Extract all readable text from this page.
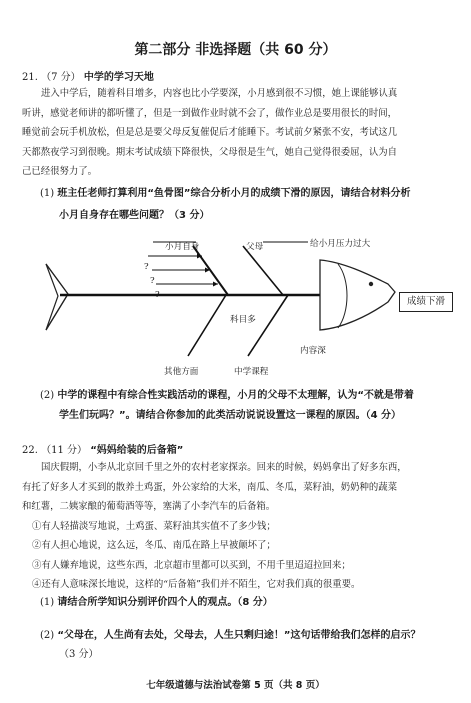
第二部分 非选择题（共 60 分）
21. （7 分） 中学的学习天地
进入中学后，随着科目增多，内容也比小学要深，小月感到很不习惯，她上课能够认真
听讲，感觉老师讲的都听懂了，但是一到做作业时就不会了，做作业总是要用很长的时间，
睡觉前会玩手机放松，但是总是要父母反复催促后才能睡下。考试前夕紧张不安，考试这几
天都熬夜学习到很晚。期末考试成绩下降很快，父母很是生气，她自己觉得很委屈，认为自
己已经很努力了。
(1) 班主任老师打算利用“鱼骨图”综合分析小月的成绩下滑的原因，请结合材料分析
小月自身存在哪些问题？（3 分）
小月自身	父母
?
?
?
给小月压力过大
科目多
内容深
其他方面	中学课程
成绩下滑
(2) 中学的课程中有综合性实践活动的课程，小月的父母不太理解，认为“不就是带着
学生们玩吗？”。请结合你参加的此类活动说说设置这一课程的原因。（4 分）
22. （11 分） “妈妈给装的后备箱”
国庆假期，小李从北京回千里之外的农村老家探亲。回来的时候，妈妈拿出了好多东西，
有托了好多人才买到的散养土鸡蛋，外公家给的大米，南瓜、冬瓜，菜籽油，奶奶种的蔬菜
和红薯，二姨家酿的葡萄酒等等，塞满了小李汽车的后备箱。
①有人轻描淡写地说，土鸡蛋、菜籽油其实值不了多少钱；
②有人担心地说，这么远，冬瓜、南瓜在路上早被颠坏了；
③有人嫌弃地说，这些东西，北京超市里都可以买到，不用千里迢迢拉回来；
④还有人意味深长地说，这样的“后备箱”我们并不陌生，它对我们真的很重要。
(1) 请结合所学知识分别评价四个人的观点。（8 分）
(2) “父母在，人生尚有去处，父母去，人生只剩归途！”这句话带给我们怎样的启示？
（3 分）
七年级道德与法治试卷第 5 页（共 8 页）
